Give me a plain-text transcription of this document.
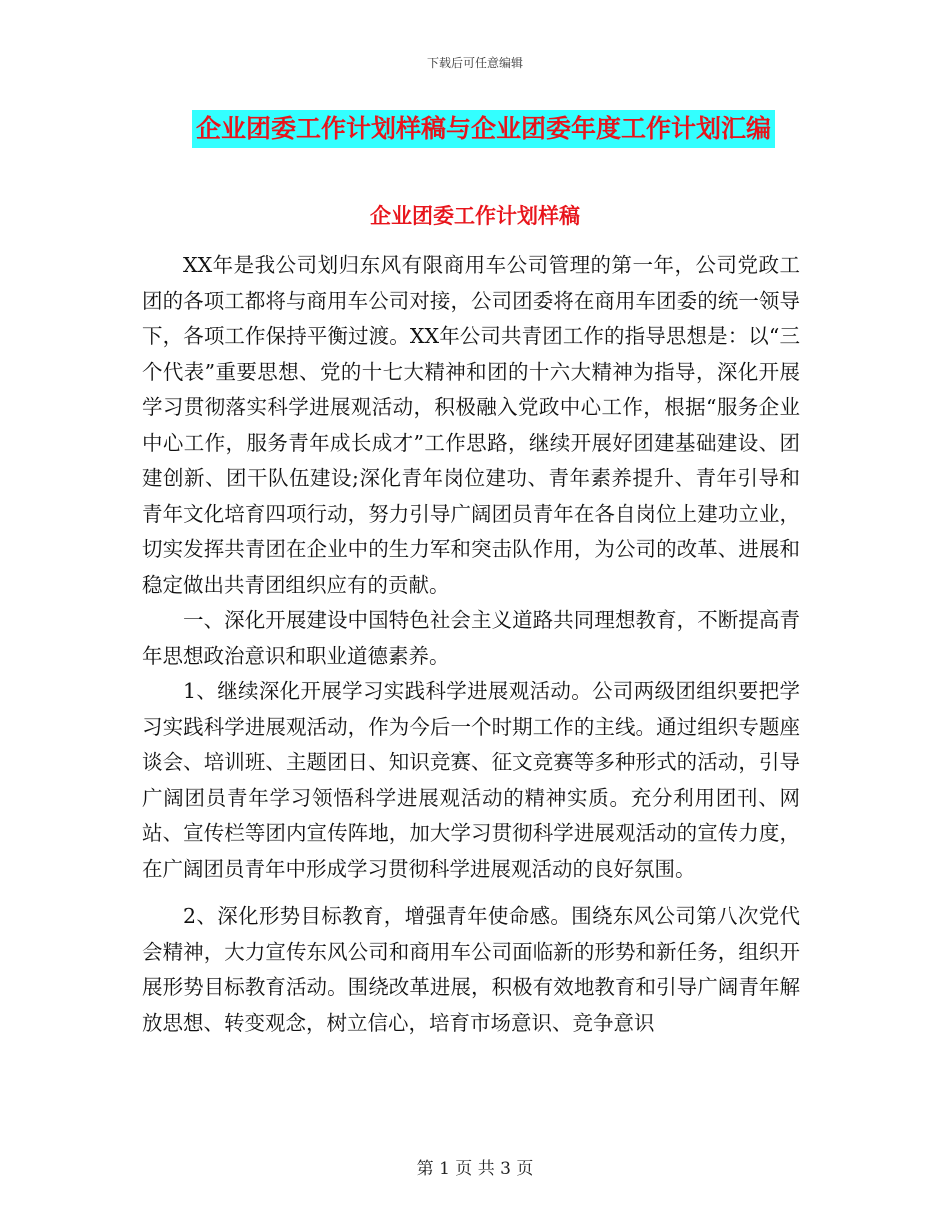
下载后可任意编辑
企业团委工作计划样稿与企业团委年度工作计划汇编
企业团委工作计划样稿

XX年是我公司划归东风有限商用车公司管理的第一年，公司党政工团的各项工都将与商用车公司对接，公司团委将在商用车团委的统一领导下，各项工作保持平衡过渡。XX年公司共青团工作的指导思想是：以“三个代表”重要思想、党的十七大精神和团的十六大精神为指导，深化开展学习贯彻落实科学进展观活动，积极融入党政中心工作，根据“服务企业中心工作，服务青年成长成才”工作思路，继续开展好团建基础建设、团建创新、团干队伍建设;深化青年岗位建功、青年素养提升、青年引导和青年文化培育四项行动，努力引导广阔团员青年在各自岗位上建功立业，切实发挥共青团在企业中的生力军和突击队作用，为公司的改革、进展和稳定做出共青团组织应有的贡献。

一、深化开展建设中国特色社会主义道路共同理想教育，不断提高青年思想政治意识和职业道德素养。

1、继续深化开展学习实践科学进展观活动。公司两级团组织要把学习实践科学进展观活动，作为今后一个时期工作的主线。通过组织专题座谈会、培训班、主题团日、知识竞赛、征文竞赛等多种形式的活动，引导广阔团员青年学习领悟科学进展观活动的精神实质。充分利用团刊、网站、宣传栏等团内宣传阵地，加大学习贯彻科学进展观活动的宣传力度，在广阔团员青年中形成学习贯彻科学进展观活动的良好氛围。

2、深化形势目标教育，增强青年使命感。围绕东风公司第八次党代会精神，大力宣传东风公司和商用车公司面临新的形势和新任务，组织开展形势目标教育活动。围绕改革进展，积极有效地教育和引导广阔青年解放思想、转变观念，树立信心，培育市场意识、竞争意识

第 1 页 共 3 页
